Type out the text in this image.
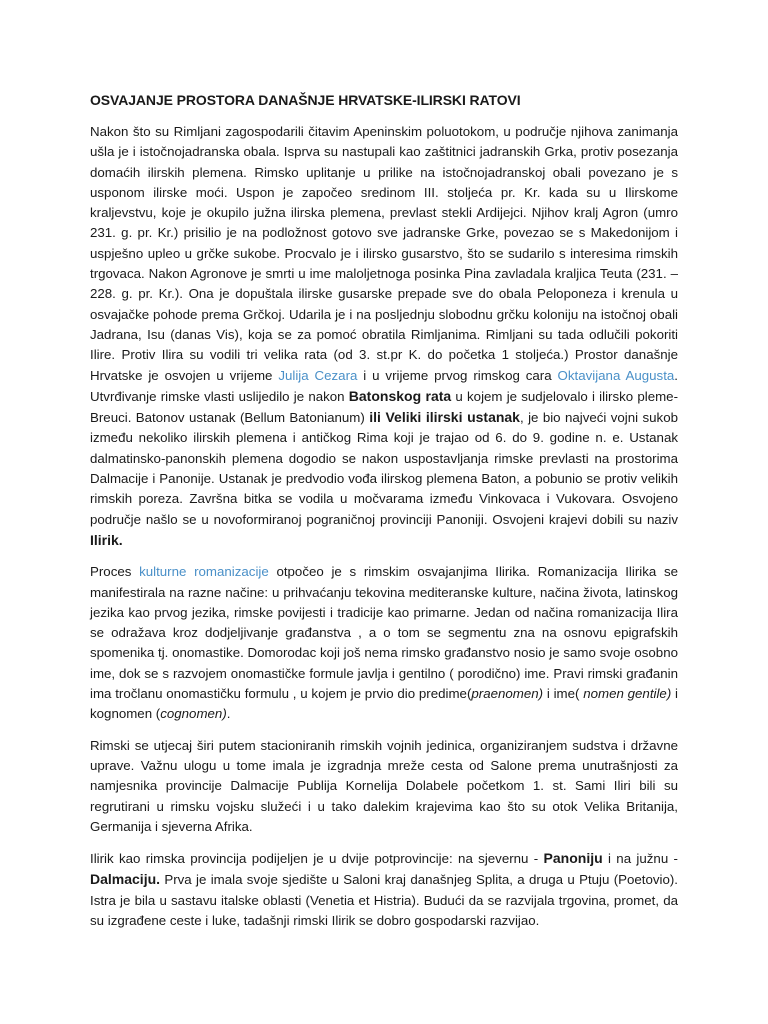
OSVAJANJE PROSTORA DANAŠNJE HRVATSKE-ILIRSKI RATOVI

Nakon što su Rimljani zagospodarili čitavim Apeninskim poluotokom, u područje njihova zanimanja ušla je i istočnojadranska obala. Isprva su nastupali kao zaštitnici jadranskih Grka, protiv posezanja domaćih ilirskih plemena. Rimsko uplitanje u prilike na istočnojadranskoj obali povezano je s usponom ilirske moći. Uspon je započeo sredinom III. stoljeća pr. Kr. kada su u Ilirskome kraljevstvu, koje je okupilo južna ilirska plemena, prevlast stekli Ardijejci. Njihov kralj Agron (umro 231. g. pr. Kr.) prisilio je na podložnost gotovo sve jadranske Grke, povezao se s Makedonijom i uspješno upleo u grčke sukobe. Procvalo je i ilirsko gusarstvo, što se sudarilo s interesima rimskih trgovaca. Nakon Agronove je smrti u ime maloljetnoga posinka Pina zavladala kraljica Teuta (231. – 228. g. pr. Kr.). Ona je dopuštala ilirske gusarske prepade sve do obala Peloponeza i krenula u osvajačke pohode prema Grčkoj. Udarila je i na posljednju slobodnu grčku koloniju na istočnoj obali Jadrana, Isu (danas Vis), koja se za pomoć obratila Rimljanima. Rimljani su tada odlučili pokoriti Ilire. Protiv Ilira su vodili tri velika rata (od 3. st.pr K. do početka 1 stoljeća.) Prostor današnje Hrvatske je osvojen u vrijeme Julija Cezara i u vrijeme prvog rimskog cara Oktavijana Augusta. Utvrđivanje rimske vlasti uslijedilo je nakon Batonskog rata u kojem je sudjelovalo i ilirsko pleme-Breuci. Batonov ustanak (Bellum Batonianum) ili Veliki ilirski ustanak, je bio najveći vojni sukob između nekoliko ilirskih plemena i antičkog Rima koji je trajao od 6. do 9. godine n. e. Ustanak dalmatinsko-panonskih plemena dogodio se nakon uspostavljanja rimske prevlasti na prostorima Dalmacije i Panonije. Ustanak je predvodio vođa ilirskog plemena Baton, a pobunio se protiv velikih rimskih poreza. Završna bitka se vodila u močvarama između Vinkovaca i Vukovara. Osvojeno područje našlo se u novoformiranoj pograničnoj provinciji Panoniji. Osvojeni krajevi dobili su naziv Ilirik.

Proces kulturne romanizacije otpočeo je s rimskim osvajanjima Ilirika. Romanizacija Ilirika se manifestirala na razne načine: u prihvaćanju tekovina mediteranske kulture, načina života, latinskog jezika kao prvog jezika, rimske povijesti i tradicije kao primarne. Jedan od načina romanizacija Ilira se odražava kroz dodjeljivanje građanstva , a o tom se segmentu zna na osnovu epigrafskih spomenika tj. onomastike. Domorodac koji još nema rimsko građanstvo nosio je samo svoje osobno ime, dok se s razvojem onomastičke formule javlja i gentilno ( porodično) ime. Pravi rimski građanin ima tročlanu onomastičku formulu , u kojem je prvio dio predime(praenomen) i ime( nomen gentile) i kognomen (cognomen).

Rimski se utjecaj širi putem stacioniranih rimskih vojnih jedinica, organiziranjem sudstva i državne uprave. Važnu ulogu u tome imala je izgradnja mreže cesta od Salone prema unutrašnjosti za namjesnika provincije Dalmacije Publija Kornelija Dolabele početkom 1. st. Sami Iliri bili su regrutirani u rimsku vojsku služeći i u tako dalekim krajevima kao što su otok Velika Britanija, Germanija i sjeverna Afrika.

Ilirik kao rimska provincija podijeljen je u dvije potprovincije: na sjevernu - Panoniju i na južnu - Dalmaciju. Prva je imala svoje sjedište u Saloni kraj današnjeg Splita, a druga u Ptuju (Poetovio). Istra je bila u sastavu italske oblasti (Venetia et Histria). Budući da se razvijala trgovina, promet, da su izgrađene ceste i luke, tadašnji rimski Ilirik se dobro gospodarski razvijao.
